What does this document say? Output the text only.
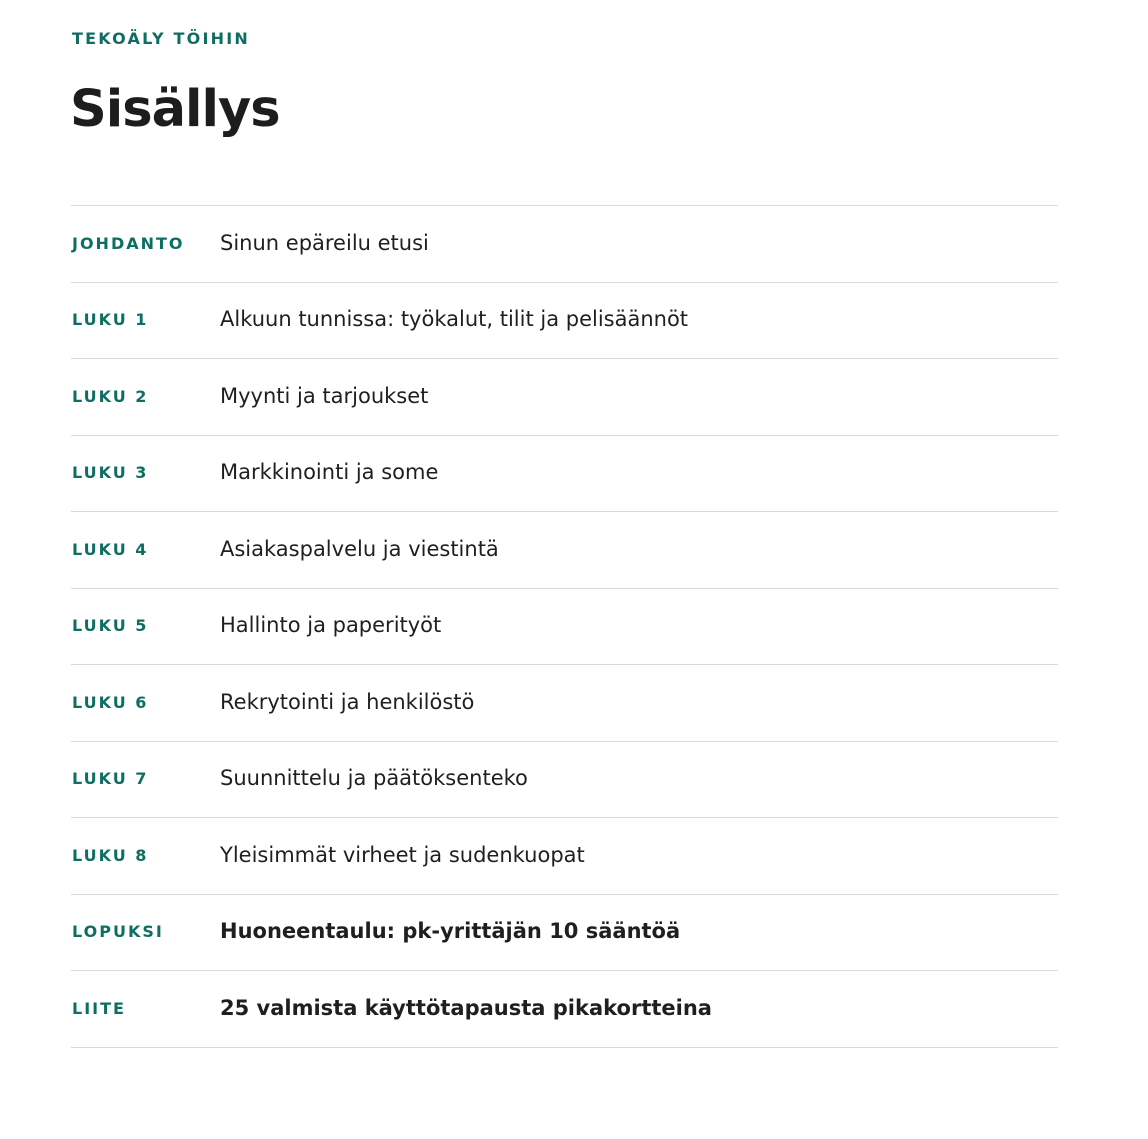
TEKOÄLY TÖIHIN
Sisällys
JOHDANTO	Sinun epäreilu etusi
LUKU 1	Alkuun tunnissa: työkalut, tilit ja pelisäännöt
LUKU 2	Myynti ja tarjoukset
LUKU 3	Markkinointi ja some
LUKU 4	Asiakaspalvelu ja viestintä
LUKU 5	Hallinto ja paperityöt
LUKU 6	Rekrytointi ja henkilöstö
LUKU 7	Suunnittelu ja päätöksenteko
LUKU 8	Yleisimmät virheet ja sudenkuopat
LOPUKSI	Huoneentaulu: pk-yrittäjän 10 sääntöä
LIITE	25 valmista käyttötapausta pikakortteina
